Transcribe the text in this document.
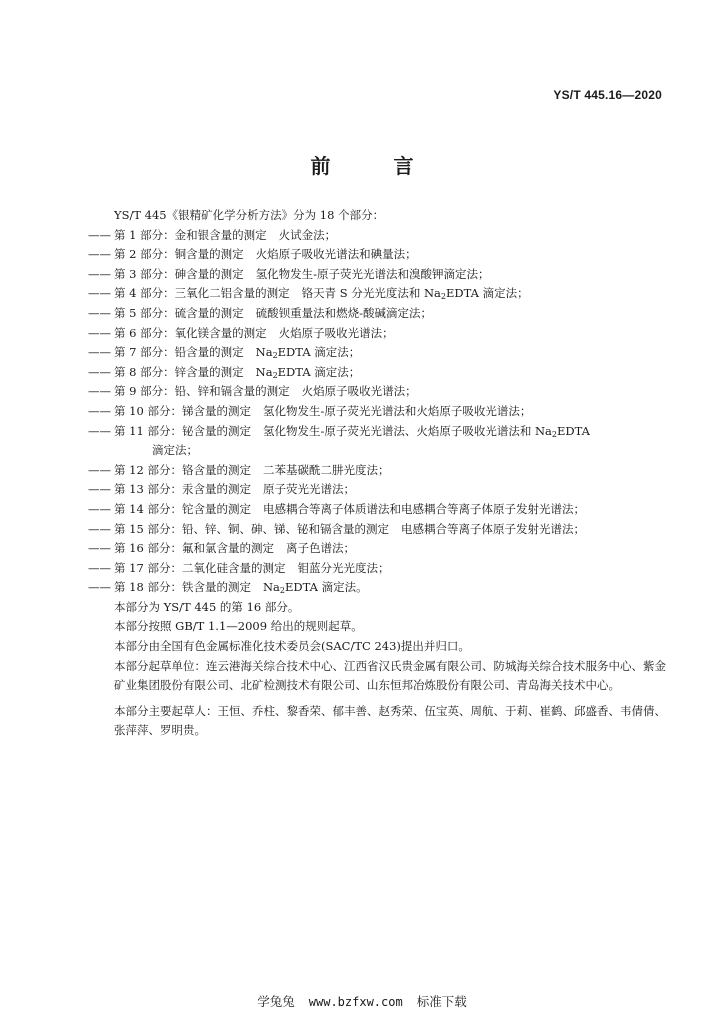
YS/T 445.16—2020
前 言
YS/T 445《银精矿化学分析方法》分为 18 个部分：
—— 第 1 部分：金和银含量的测定 火试金法；
—— 第 2 部分：铜含量的测定 火焰原子吸收光谱法和碘量法；
—— 第 3 部分：砷含量的测定 氢化物发生-原子荧光光谱法和溴酸钾滴定法；
—— 第 4 部分：三氧化二铝含量的测定 铬天青 S 分光光度法和 $Na_2EDTA$ 滴定法；
—— 第 5 部分：硫含量的测定 硫酸钡重量法和燃烧-酸碱滴定法；
—— 第 6 部分：氧化镁含量的测定 火焰原子吸收光谱法；
—— 第 7 部分：铅含量的测定 $Na_2EDTA$ 滴定法；
—— 第 8 部分：锌含量的测定 $Na_2EDTA$ 滴定法；
—— 第 9 部分：铅、锌和镉含量的测定 火焰原子吸收光谱法；
—— 第 10 部分：锑含量的测定 氢化物发生-原子荧光光谱法和火焰原子吸收光谱法；
—— 第 11 部分：铋含量的测定 氢化物发生-原子荧光光谱法、火焰原子吸收光谱法和 $Na_2EDTA$
滴定法；
—— 第 12 部分：铬含量的测定 二苯基碳酰二肼光度法；
—— 第 13 部分：汞含量的测定 原子荧光光谱法；
—— 第 14 部分：铊含量的测定 电感耦合等离子体质谱法和电感耦合等离子体原子发射光谱法；
—— 第 15 部分：铅、锌、铜、砷、锑、铋和镉含量的测定 电感耦合等离子体原子发射光谱法；
—— 第 16 部分：氟和氯含量的测定 离子色谱法；
—— 第 17 部分：二氧化硅含量的测定 钼蓝分光光度法；
—— 第 18 部分：铁含量的测定 $Na_2EDTA$ 滴定法。
本部分为 YS/T 445 的第 16 部分。
本部分按照 GB/T 1.1—2009 给出的规则起草。
本部分由全国有色金属标准化技术委员会(SAC/TC 243)提出并归口。
本部分起草单位：连云港海关综合技术中心、江西省汉氏贵金属有限公司、防城海关综合技术服务中心、紫金矿业集团股份有限公司、北矿检测技术有限公司、山东恒邦冶炼股份有限公司、青岛海关技术中心。
本部分主要起草人：王恒、乔柱、黎香荣、郁丰善、赵秀荣、伍宝英、周航、于莉、崔鹤、邱盛香、韦倩倩、张萍萍、罗明贵。
学兔兔 www.bzfxw.com 标准下载
